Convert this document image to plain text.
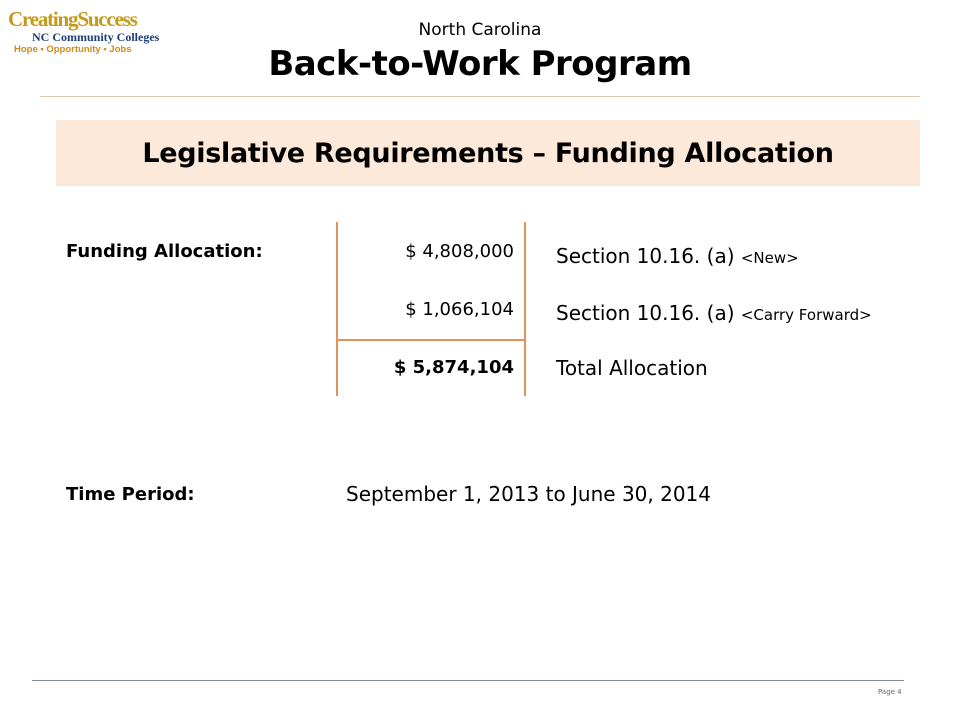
CreatingSuccess
NC Community Colleges
Hope • Opportunity • Jobs
North Carolina
Back-to-Work Program
Legislative Requirements – Funding Allocation
Funding Allocation:	$ 4,808,000
$ 1,066,104
$ 5,874,104
Section 10.16. (a) <New>
Section 10.16. (a) <Carry Forward>
Total Allocation
Time Period:	September 1, 2013 to June 30, 2014
Page 4
